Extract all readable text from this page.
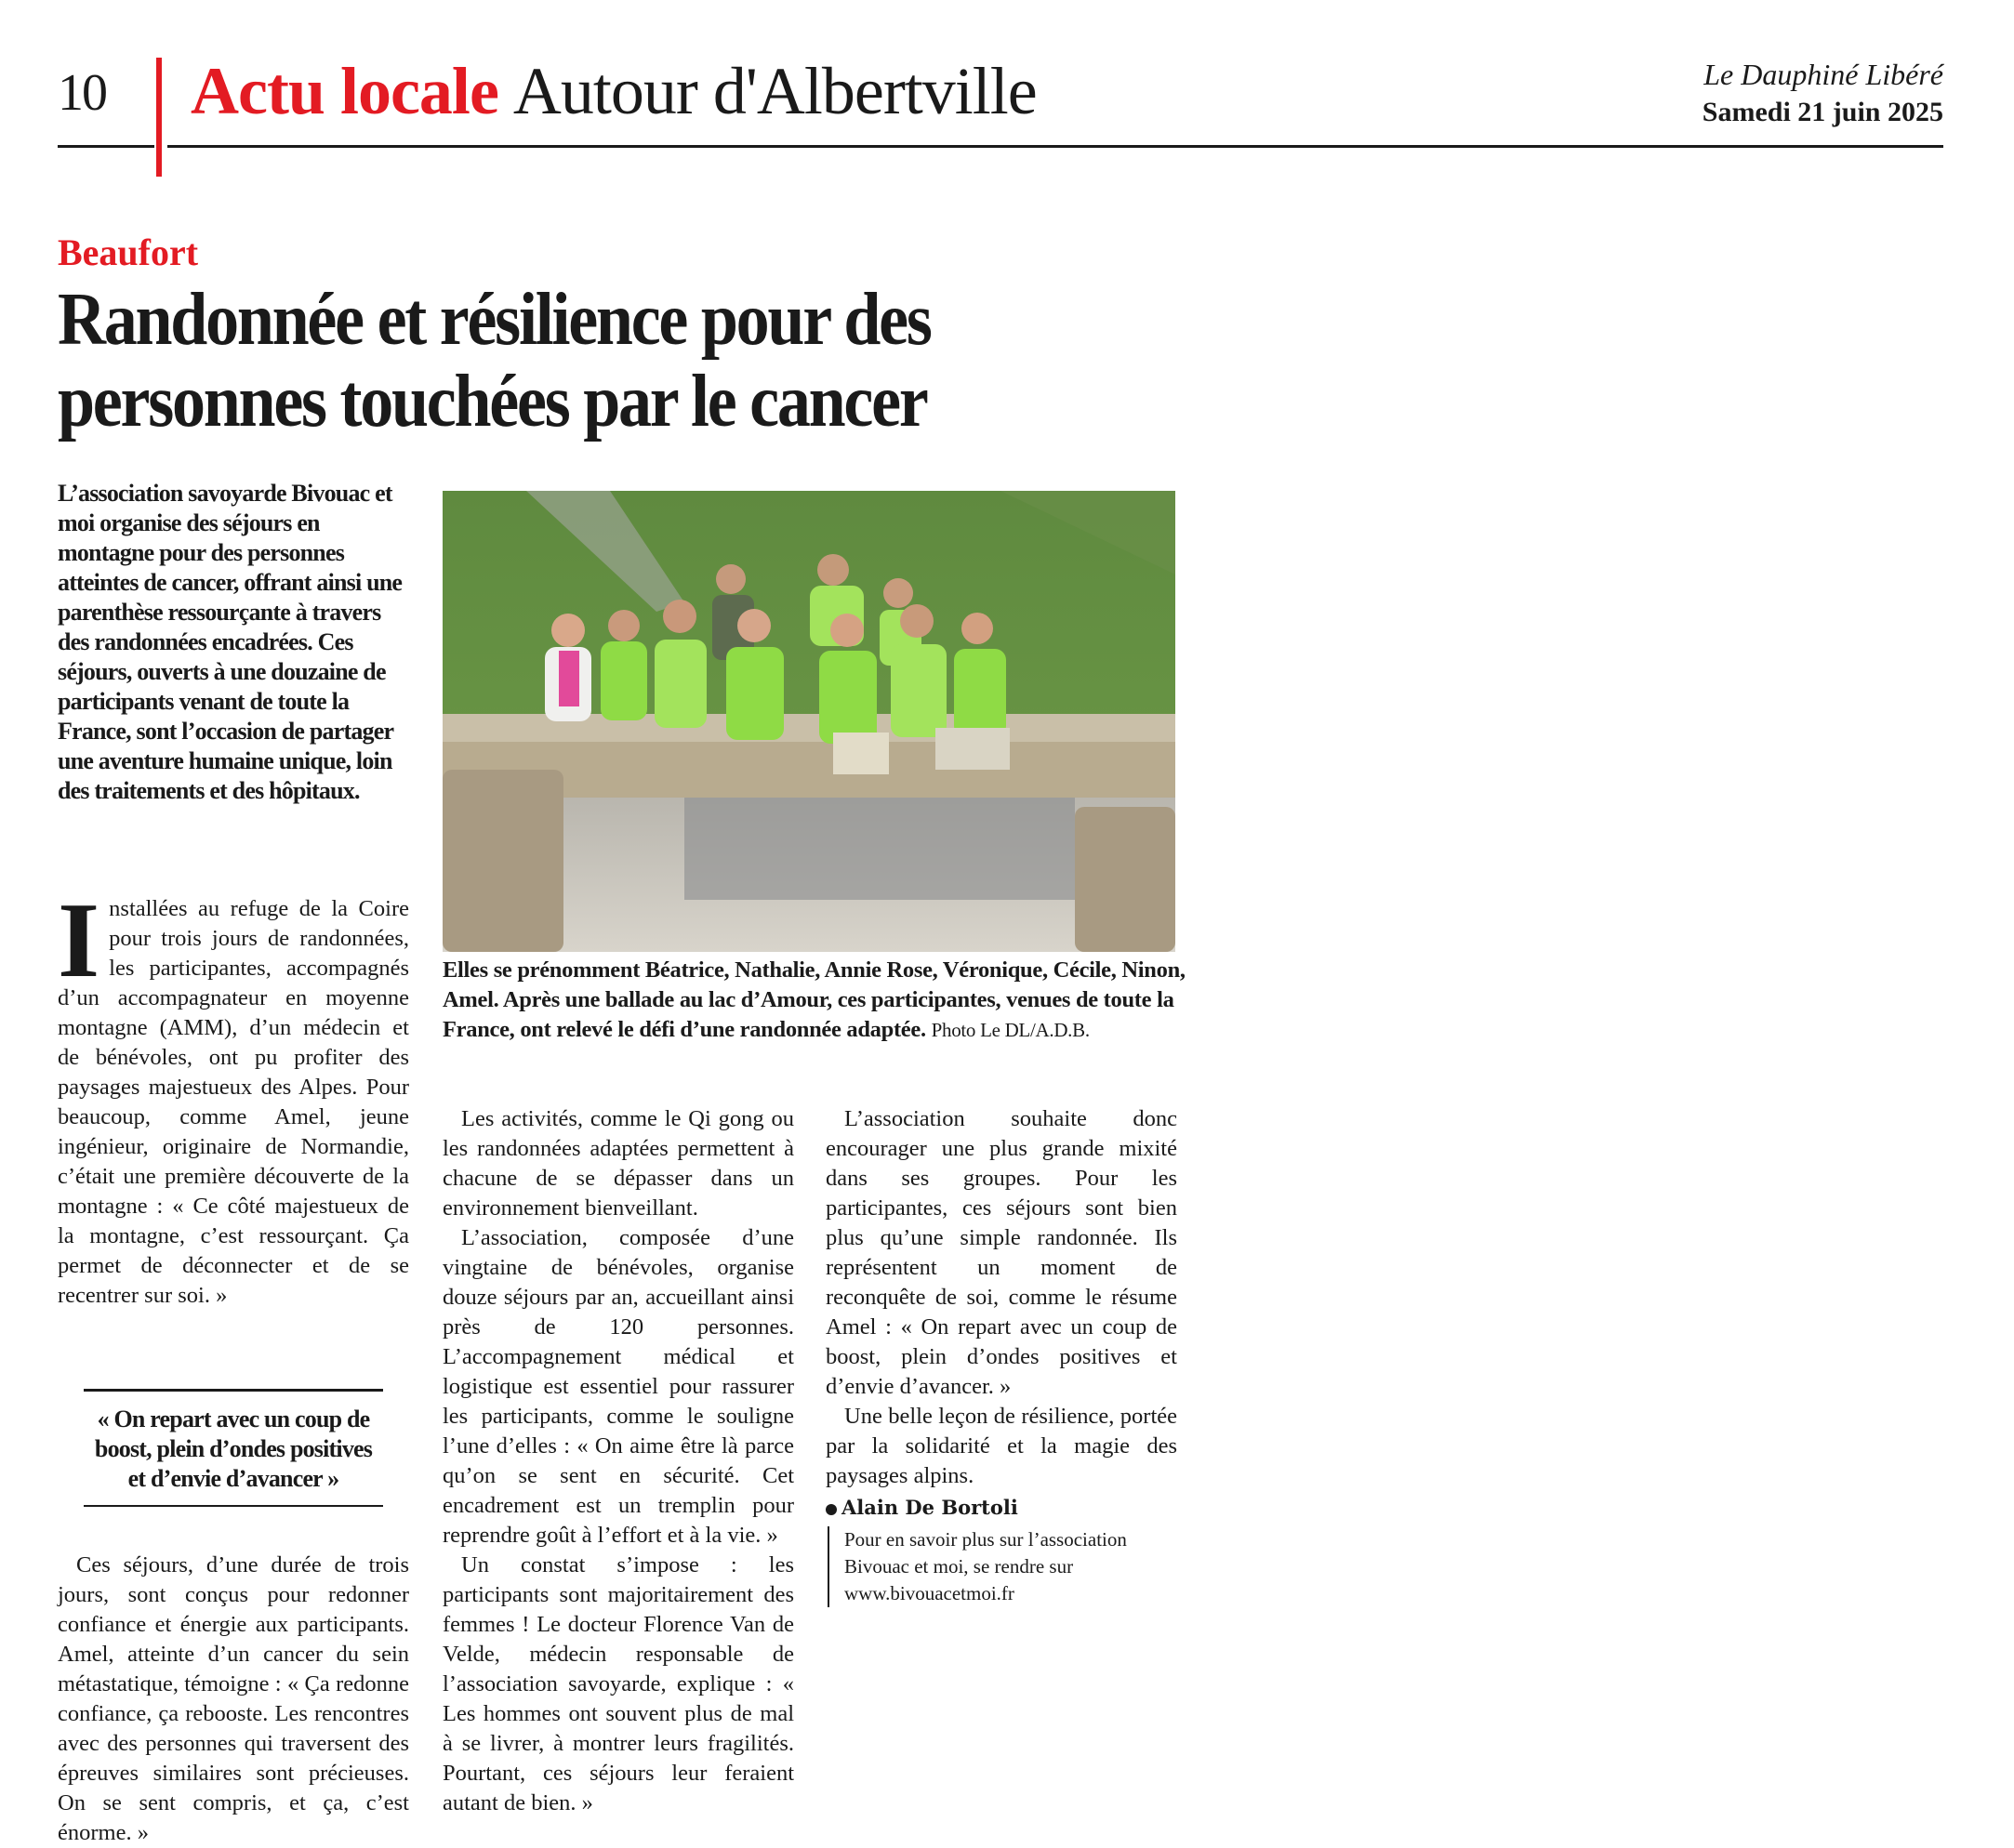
10 Actu locale Autour d'Albertville	Le Dauphiné Libéré
Samedi 21 juin 2025
Beaufort
Randonnée et résilience pour des personnes touchées par le cancer
L’association savoyarde Bivouac et moi organise des séjours en montagne pour des personnes atteintes de cancer, offrant ainsi une parenthèse ressourçante à travers des randonnées encadrées. Ces séjours, ouverts à une douzaine de participants venant de toute la France, sont l’occasion de partager une aventure humaine unique, loin des traitements et des hôpitaux.

Installées au refuge de la Coire pour trois jours de randonnées, les participantes, accompagnés d’un accompagnateur en moyenne montagne (AMM), d’un médecin et de bénévoles, ont pu profiter des paysages majestueux des Alpes. Pour beaucoup, comme Amel, jeune ingénieur, originaire de Normandie, c’était une première découverte de la montagne : « Ce côté majestueux de la montagne, c’est ressourçant. Ça permet de déconnecter et de se recentrer sur soi. »

« On repart avec un coup de boost, plein d’ondes positives et d’envie d’avancer »

Ces séjours, d’une durée de trois jours, sont conçus pour redonner confiance et énergie aux participants. Amel, atteinte d’un cancer du sein métastatique, témoigne : « Ça redonne confiance, ça rebooste. Les rencontres avec des personnes qui traversent des épreuves similaires sont précieuses. On se sent compris, et ça, c’est énorme. »

Elles se prénomment Béatrice, Nathalie, Annie Rose, Véronique, Cécile, Ninon, Amel. Après une ballade au lac d’Amour, ces participantes, venues de toute la France, ont relevé le défi d’une randonnée adaptée. Photo Le DL/A.D.B.

Les activités, comme le Qi gong ou les randonnées adaptées permettent à chacune de se dépasser dans un environnement bienveillant.

L’association, composée d’une vingtaine de bénévoles, organise douze séjours par an, accueillant ainsi près de 120 personnes. L’accompagnement médical et logistique est essentiel pour rassurer les participants, comme le souligne l’une d’elles : « On aime être là parce qu’on se sent en sécurité. Cet encadrement est un tremplin pour reprendre goût à l’effort et à la vie. »

Un constat s’impose : les participants sont majoritairement des femmes ! Le docteur Florence Van de Velde, médecin responsable de l’association savoyarde, explique : « Les hommes ont souvent plus de mal à se livrer, à montrer leurs fragilités. Pourtant, ces séjours leur feraient autant de bien. »

L’association souhaite donc encourager une plus grande mixité dans ses groupes. Pour les participantes, ces séjours sont bien plus qu’une simple randonnée. Ils représentent un moment de reconquête de soi, comme le résume Amel : « On repart avec un coup de boost, plein d’ondes positives et d’envie d’avancer. »

Une belle leçon de résilience, portée par la solidarité et la magie des paysages alpins.

Alain De Bortoli
Pour en savoir plus sur l’association Bivouac et moi, se rendre sur www.bivouacetmoi.fr
